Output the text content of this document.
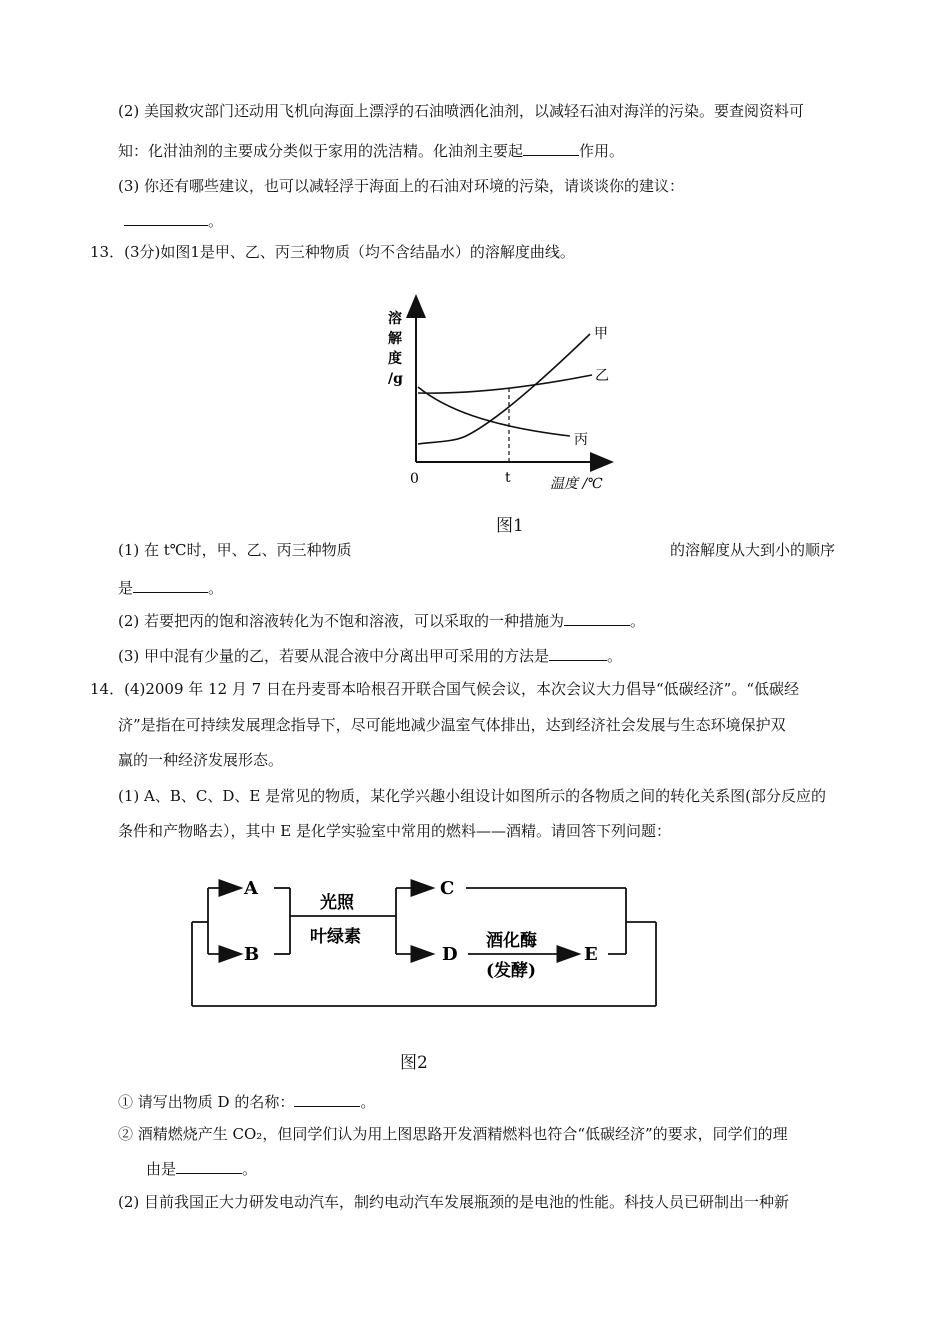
(2) 美国救灾部门还动用飞机向海面上漂浮的石油喷洒化油剂，以减轻石油对海洋的污染。要查阅资料可
知：化泔油剂的主要成分类似于家用的洗洁精。化油剂主要起	作用。
(3) 你还有哪些建议，也可以减轻浮于海面上的石油对环境的污染，请谈谈你的建议：
。
13．(3分)如图1是甲、乙、丙三种物质（均不含结晶水）的溶解度曲线。
溶
解
度
/g
甲
乙
丙
0	t	温度 /℃
图1
(1) 在 t℃时，甲、乙、丙三种物质	的溶解度从大到小的顺序
是	。
(2) 若要把丙的饱和溶液转化为不饱和溶液，可以采取的一种措施为	。
(3) 甲中混有少量的乙，若要从混合液中分离出甲可采用的方法是	。
14．(4)2009 年 12 月 7 日在丹麦哥本哈根召开联合国气候会议，本次会议大力倡导“低碳经济”。“低碳经
济”是指在可持续发展理念指导下，尽可能地减少温室气体排出，达到经济社会发展与生态环境保护双
赢的一种经济发展形态。
(1) A、B、C、D、E 是常见的物质，某化学兴趣小组设计如图所示的各物质之间的转化关系图(部分反应的
条件和产物略去），其中 E 是化学实验室中常用的燃料——酒精。请回答下列问题：
A
B
C
D	E
光照
叶绿素	酒化酶
(发酵)
图2
① 请写出物质 D 的名称：	。
② 酒精燃烧产生 CO₂，但同学们认为用上图思路开发酒精燃料也符合“低碳经济”的要求，同学们的理
由是	。
(2) 目前我国正大力研发电动汽车，制约电动汽车发展瓶颈的是电池的性能。科技人员已研制出一种新
